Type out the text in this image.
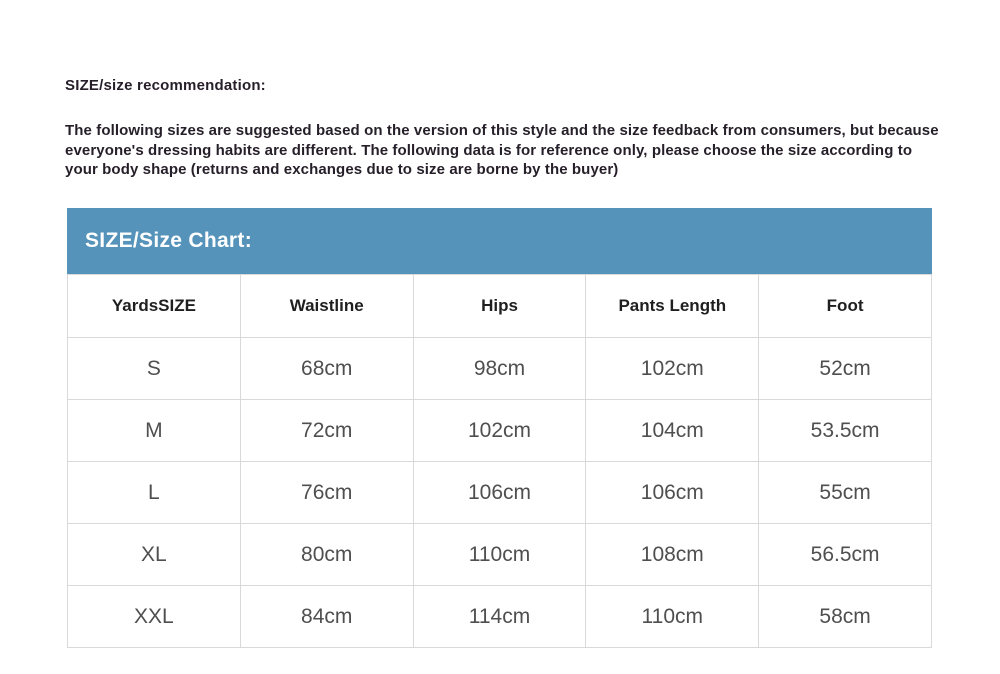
SIZE/size recommendation:
The following sizes are suggested based on the version of this style and the size feedback from consumers, but because everyone's dressing habits are different. The following data is for reference only, please choose the size according to your body shape (returns and exchanges due to size are borne by the buyer)
SIZE/Size Chart:
YardsSIZE	Waistline	Hips	Pants Length	Foot
S	68cm	98cm	102cm	52cm
M	72cm	102cm	104cm	53.5cm
L	76cm	106cm	106cm	55cm
XL	80cm	110cm	108cm	56.5cm
XXL	84cm	114cm	110cm	58cm
